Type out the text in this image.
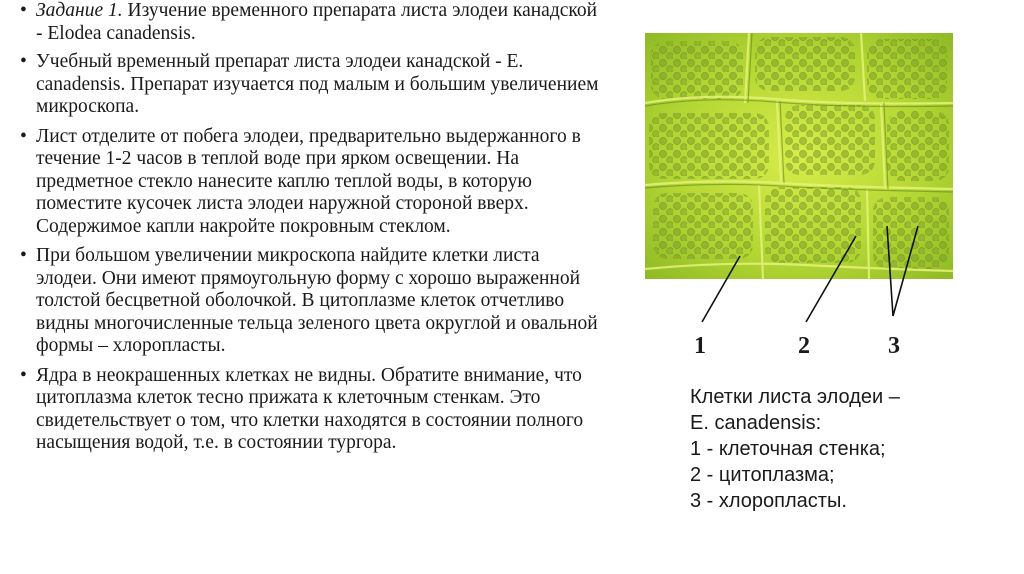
• Задание 1. Изучение временного препарата листа элодеи канадской - Elodea canadensis.
• Учебный временный препарат листа элодеи канадской - E. canadensis. Препарат изучается под малым и большим увеличением микроскопа.
• Лист отделите от побега элодеи, предварительно выдержанного в течение 1-2 часов в теплой воде при ярком освещении. На предметное стекло нанесите каплю теплой воды, в которую поместите кусочек листа элодеи наружной стороной вверх. Содержимое капли накройте покровным стеклом.
• При большом увеличении микроскопа найдите клетки листа элодеи. Они имеют прямоугольную форму с хорошо выраженной толстой бесцветной оболочкой. В цитоплазме клеток отчетливо видны многочисленные тельца зеленого цвета округлой и овальной формы – хлоропласты.
• Ядра в неокрашенных клетках не видны. Обратите внимание, что цитоплазма клеток тесно прижата к клеточным стенкам. Это свидетельствует о том, что клетки находятся в состоянии полного насыщения водой, т.е. в состоянии тургора.
1	2	3
Клетки листа элодеи –
E. canadensis:
1 - клеточная стенка;
2 - цитоплазма;
3 - хлоропласты.
